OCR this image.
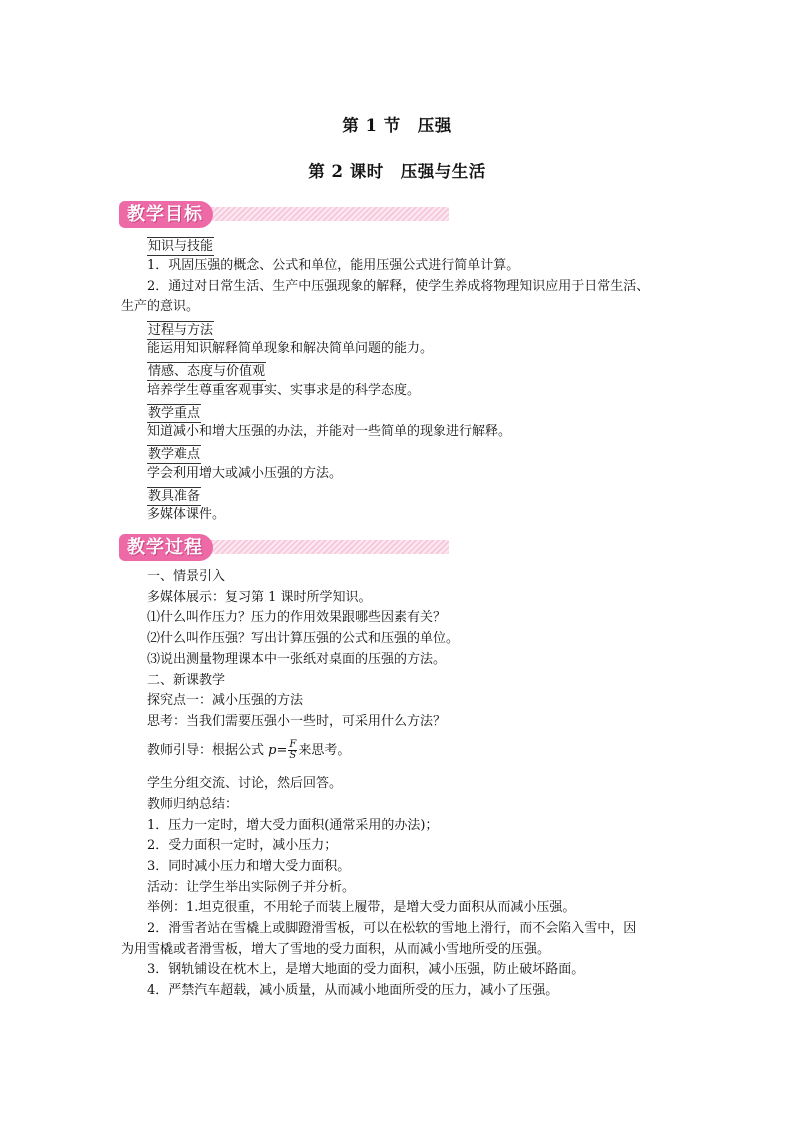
第 1 节　压强
第 2 课时　压强与生活
教学目标
知识与技能
1．巩固压强的概念、公式和单位，能用压强公式进行简单计算。
2．通过对日常生活、生产中压强现象的解释，使学生养成将物理知识应用于日常生活、
生产的意识。
过程与方法
能运用知识解释简单现象和解决简单问题的能力。
情感、态度与价值观
培养学生尊重客观事实、实事求是的科学态度。
教学重点
知道减小和增大压强的办法，并能对一些简单的现象进行解释。
教学难点
学会利用增大或减小压强的方法。
教具准备
多媒体课件。
教学过程
一、情景引入
多媒体展示：复习第 1 课时所学知识。
⑴什么叫作压力？压力的作用效果跟哪些因素有关？
⑵什么叫作压强？写出计算压强的公式和压强的单位。
⑶说出测量物理课本中一张纸对桌面的压强的方法。
二、新课教学
探究点一：减小压强的方法
思考：当我们需要压强小一些时，可采用什么方法？
教师引导：根据公式 $p= \frac{F}{S}$ 来思考。
学生分组交流、讨论，然后回答。
教师归纳总结：
1．压力一定时，增大受力面积(通常采用的办法)；
2．受力面积一定时，减小压力；
3．同时减小压力和增大受力面积。
活动：让学生举出实际例子并分析。
举例：1.坦克很重，不用轮子而装上履带，是增大受力面积从而减小压强。
2．滑雪者站在雪橇上或脚蹬滑雪板，可以在松软的雪地上滑行，而不会陷入雪中，因
为用雪橇或者滑雪板，增大了雪地的受力面积，从而减小雪地所受的压强。
3．钢轨铺设在枕木上，是增大地面的受力面积，减小压强，防止破坏路面。
4．严禁汽车超载，减小质量，从而减小地面所受的压力，减小了压强。
